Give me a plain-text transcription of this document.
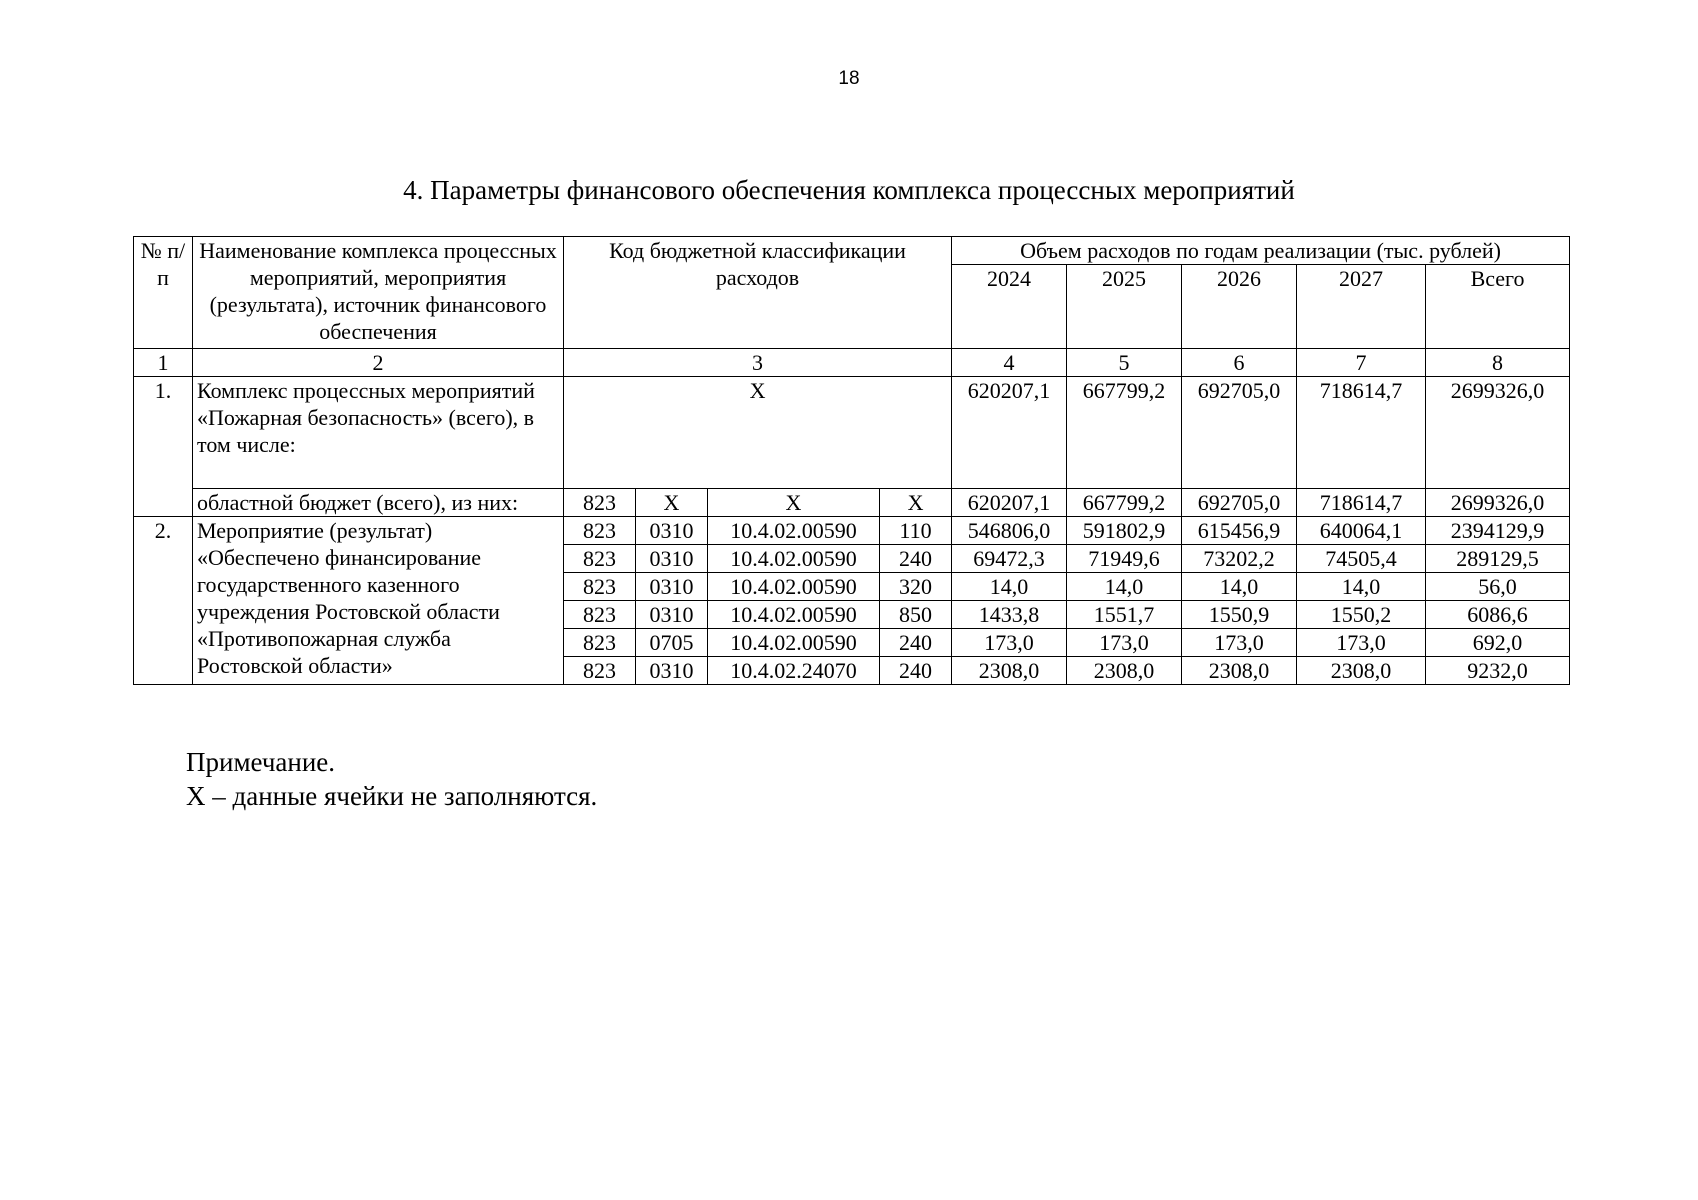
18
4. Параметры финансового обеспечения комплекса процессных мероприятий
№ п/п	Наименование комплекса процессных мероприятий, мероприятия (результата), источник финансового обеспечения	Код бюджетной классификации расходов				Объем расходов по годам реализации (тыс. рублей)				
						2024	2025	2026	2027	Всего
1	2	3				4	5	6	7	8
1.	Комплекс процессных мероприятий «Пожарная безопасность» (всего), в том числе:	X				620207,1	667799,2	692705,0	718614,7	2699326,0
	областной бюджет (всего), из них:	823	X	X	X	620207,1	667799,2	692705,0	718614,7	2699326,0
2.	Мероприятие (результат) «Обеспечено финансирование государственного казенного учреждения Ростовской области «Противопожарная служба Ростовской области»	823	0310	10.4.02.00590	110	546806,0	591802,9	615456,9	640064,1	2394129,9
		823	0310	10.4.02.00590	240	69472,3	71949,6	73202,2	74505,4	289129,5
		823	0310	10.4.02.00590	320	14,0	14,0	14,0	14,0	56,0
		823	0310	10.4.02.00590	850	1433,8	1551,7	1550,9	1550,2	6086,6
		823	0705	10.4.02.00590	240	173,0	173,0	173,0	173,0	692,0
		823	0310	10.4.02.24070	240	2308,0	2308,0	2308,0	2308,0	9232,0
Примечание.
X – данные ячейки не заполняются.
